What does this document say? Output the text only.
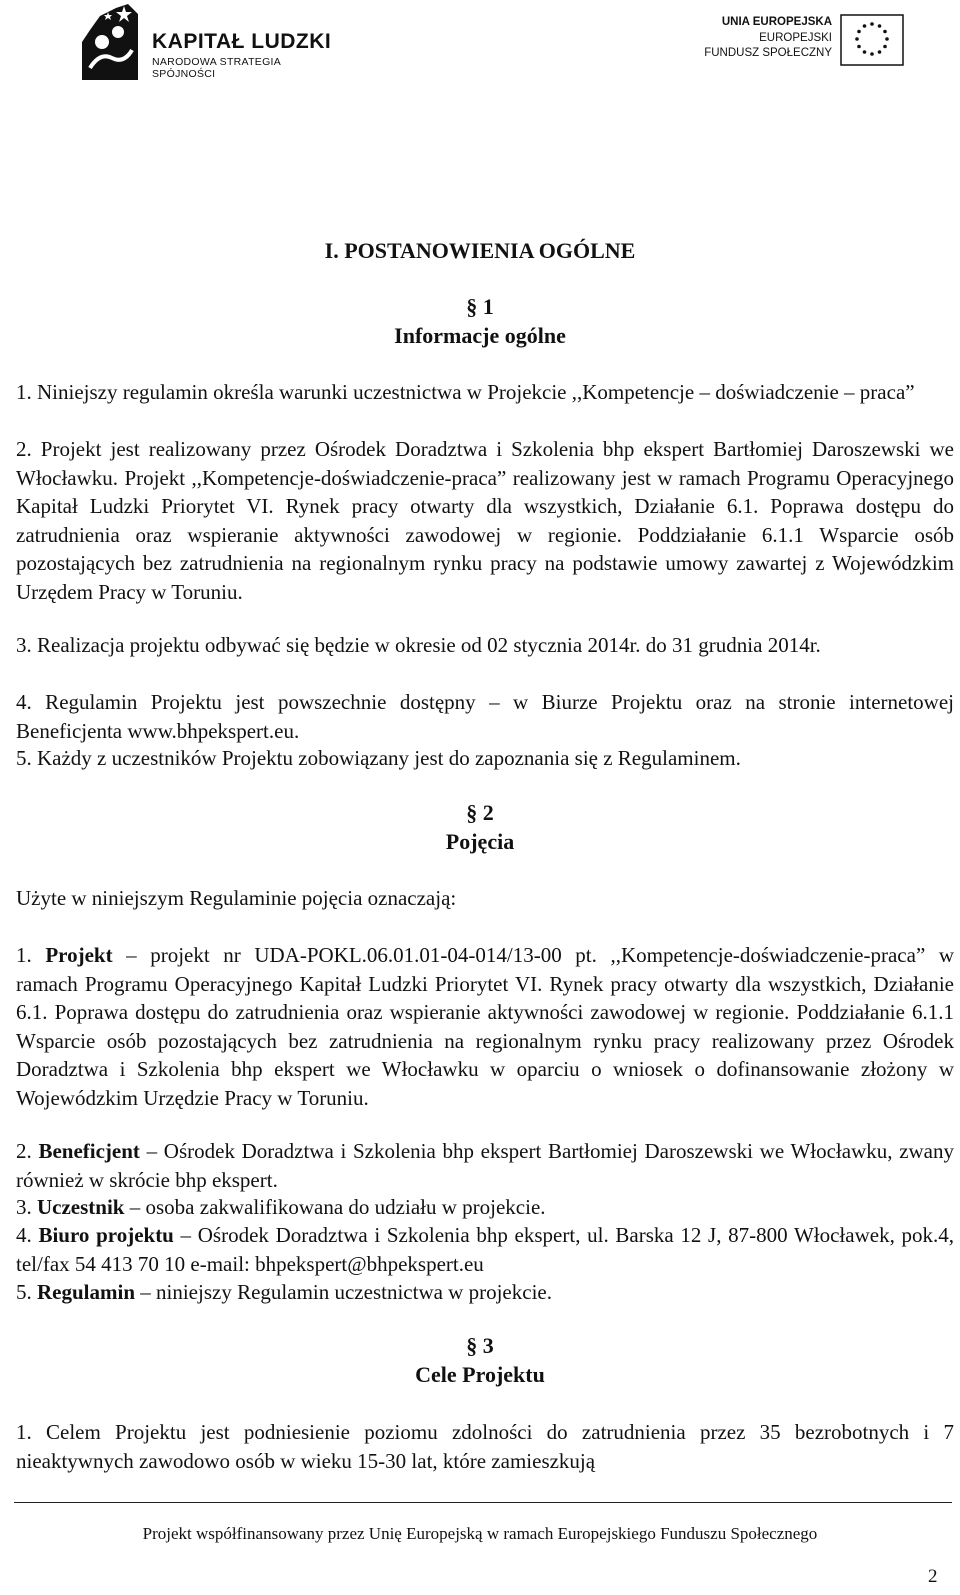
KAPITAŁ LUDZKI
NARODOWA STRATEGIA SPÓJNOŚCI
UNIA EUROPEJSKA
EUROPEJSKI
FUNDUSZ SPOŁECZNY
I. POSTANOWIENIA OGÓLNE
§ 1
Informacje ogólne
1. Niniejszy regulamin określa warunki uczestnictwa w Projekcie ,,Kompetencje – doświadczenie – praca”
2. Projekt jest realizowany przez Ośrodek Doradztwa i Szkolenia bhp ekspert Bartłomiej Daroszewski we Włocławku. Projekt ,,Kompetencje-doświadczenie-praca” realizowany jest w ramach Programu Operacyjnego Kapitał Ludzki Priorytet VI. Rynek pracy otwarty dla wszystkich, Działanie 6.1. Poprawa dostępu do zatrudnienia oraz wspieranie aktywności zawodowej w regionie. Poddziałanie 6.1.1 Wsparcie osób pozostających bez zatrudnienia na regionalnym rynku pracy na podstawie umowy zawartej z Wojewódzkim Urzędem Pracy w Toruniu.
3. Realizacja projektu odbywać się będzie w okresie od 02 stycznia 2014r. do 31 grudnia 2014r.
4. Regulamin Projektu jest powszechnie dostępny – w Biurze Projektu oraz na stronie internetowej Beneficjenta www.bhpekspert.eu.
5. Każdy z uczestników Projektu zobowiązany jest do zapoznania się z Regulaminem.
§ 2
Pojęcia
Użyte w niniejszym Regulaminie pojęcia oznaczają:
1. Projekt – projekt nr UDA-POKL.06.01.01-04-014/13-00 pt. ,,Kompetencje-doświadczenie-praca” w ramach Programu Operacyjnego Kapitał Ludzki Priorytet VI. Rynek pracy otwarty dla wszystkich, Działanie 6.1. Poprawa dostępu do zatrudnienia oraz wspieranie aktywności zawodowej w regionie. Poddziałanie 6.1.1 Wsparcie osób pozostających bez zatrudnienia na regionalnym rynku pracy realizowany przez Ośrodek Doradztwa i Szkolenia bhp ekspert we Włocławku w oparciu o wniosek o dofinansowanie złożony w Wojewódzkim Urzędzie Pracy w Toruniu.
2. Beneficjent – Ośrodek Doradztwa i Szkolenia bhp ekspert Bartłomiej Daroszewski we Włocławku, zwany również w skrócie bhp ekspert.
3. Uczestnik – osoba zakwalifikowana do udziału w projekcie.
4. Biuro projektu – Ośrodek Doradztwa i Szkolenia bhp ekspert, ul. Barska 12 J, 87-800 Włocławek, pok.4, tel/fax 54 413 70 10 e-mail: bhpekspert@bhpekspert.eu
5. Regulamin – niniejszy Regulamin uczestnictwa w projekcie.
§ 3
Cele Projektu
1. Celem Projektu jest podniesienie poziomu zdolności do zatrudnienia przez 35 bezrobotnych i 7 nieaktywnych zawodowo osób w wieku 15-30 lat, które zamieszkują
Projekt współfinansowany przez Unię Europejską w ramach Europejskiego Funduszu Społecznego
2
